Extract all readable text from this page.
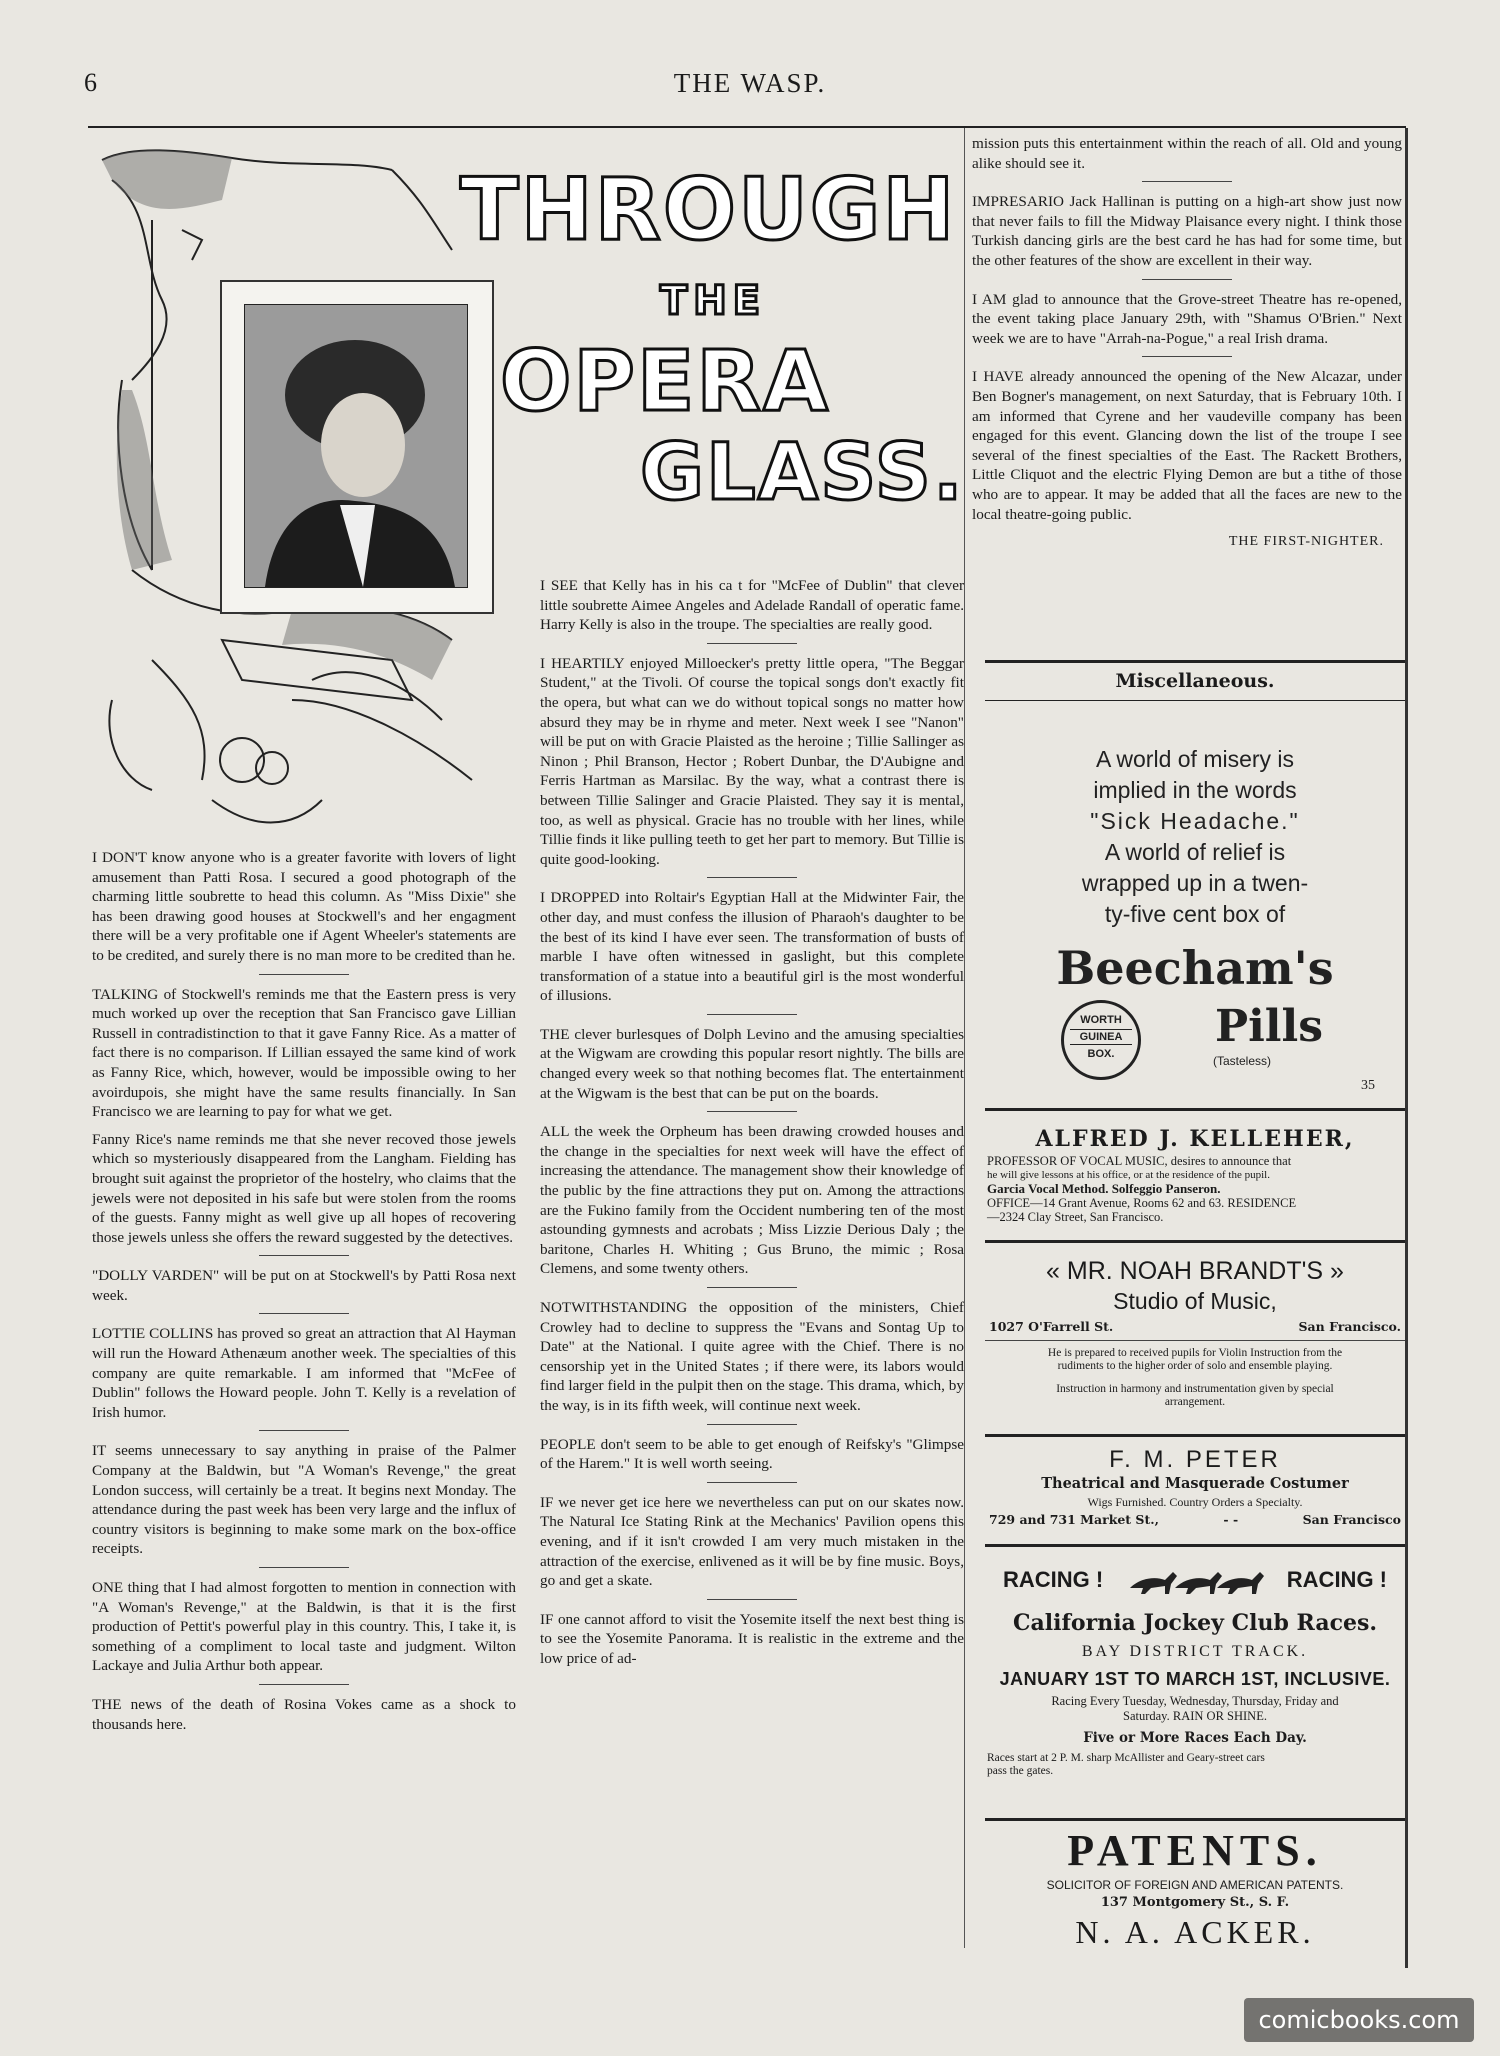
6	THE WASP.
THROUGH
THE
OPERA
GLASS.

I DON'T know anyone who is a greater favorite with lovers of light amusement than Patti Rosa. I secured a good photograph of the charming little soubrette to head this column. As "Miss Dixie" she has been drawing good houses at Stockwell's and her engagment there will be a very profitable one if Agent Wheeler's statements are to be credited, and surely there is no man more to be credited than he.

TALKING of Stockwell's reminds me that the Eastern press is very much worked up over the reception that San Francisco gave Lillian Russell in contradistinction to that it gave Fanny Rice. As a matter of fact there is no comparison. If Lillian essayed the same kind of work as Fanny Rice, which, however, would be impossible owing to her avoirdupois, she might have the same results financially. In San Francisco we are learning to pay for what we get.

Fanny Rice's name reminds me that she never recoved those jewels which so mysteriously disappeared from the Langham. Fielding has brought suit against the proprietor of the hostelry, who claims that the jewels were not deposited in his safe but were stolen from the rooms of the guests. Fanny might as well give up all hopes of recovering those jewels unless she offers the reward suggested by the detectives.

"DOLLY VARDEN" will be put on at Stockwell's by Patti Rosa next week.

LOTTIE COLLINS has proved so great an attraction that Al Hayman will run the Howard Athenæum another week. The specialties of this company are quite remarkable. I am informed that "McFee of Dublin" follows the Howard people. John T. Kelly is a revelation of Irish humor.

IT seems unnecessary to say anything in praise of the Palmer Company at the Baldwin, but "A Woman's Revenge," the great London success, will certainly be a treat. It begins next Monday. The attendance during the past week has been very large and the influx of country visitors is beginning to make some mark on the box-office receipts.

ONE thing that I had almost forgotten to mention in connection with "A Woman's Revenge," at the Baldwin, is that it is the first production of Pettit's powerful play in this country. This, I take it, is something of a compliment to local taste and judgment. Wilton Lackaye and Julia Arthur both appear.

THE news of the death of Rosina Vokes came as a shock to thousands here.

I SEE that Kelly has in his ca t for "McFee of Dublin" that clever little soubrette Aimee Angeles and Adelade Randall of operatic fame. Harry Kelly is also in the troupe. The specialties are really good.

I HEARTILY enjoyed Milloecker's pretty little opera, "The Beggar Student," at the Tivoli. Of course the topical songs don't exactly fit the opera, but what can we do without topical songs no matter how absurd they may be in rhyme and meter. Next week I see "Nanon" will be put on with Gracie Plaisted as the heroine ; Tillie Sallinger as Ninon ; Phil Branson, Hector ; Robert Dunbar, the D'Aubigne and Ferris Hartman as Marsilac. By the way, what a contrast there is between Tillie Salinger and Gracie Plaisted. They say it is mental, too, as well as physical. Gracie has no trouble with her lines, while Tillie finds it like pulling teeth to get her part to memory. But Tillie is quite good-looking.

I DROPPED into Roltair's Egyptian Hall at the Midwinter Fair, the other day, and must confess the illusion of Pharaoh's daughter to be the best of its kind I have ever seen. The transformation of busts of marble I have often witnessed in gaslight, but this complete transformation of a statue into a beautiful girl is the most wonderful of illusions.

THE clever burlesques of Dolph Levino and the amusing specialties at the Wigwam are crowding this popular resort nightly. The bills are changed every week so that nothing becomes flat. The entertainment at the Wigwam is the best that can be put on the boards.

ALL the week the Orpheum has been drawing crowded houses and the change in the specialties for next week will have the effect of increasing the attendance. The management show their knowledge of the public by the fine attractions they put on. Among the attractions are the Fukino family from the Occident numbering ten of the most astounding gymnests and acrobats ; Miss Lizzie Derious Daly ; the baritone, Charles H. Whiting ; Gus Bruno, the mimic ; Rosa Clemens, and some twenty others.

NOTWITHSTANDING the opposition of the ministers, Chief Crowley had to decline to suppress the "Evans and Sontag Up to Date" at the National. I quite agree with the Chief. There is no censorship yet in the United States ; if there were, its labors would find larger field in the pulpit then on the stage. This drama, which, by the way, is in its fifth week, will continue next week.

PEOPLE don't seem to be able to get enough of Reifsky's "Glimpse of the Harem." It is well worth seeing.

IF we never get ice here we nevertheless can put on our skates now. The Natural Ice Stating Rink at the Mechanics' Pavilion opens this evening, and if it isn't crowded I am very much mistaken in the attraction of the exercise, enlivened as it will be by fine music. Boys, go and get a skate.

IF one cannot afford to visit the Yosemite itself the next best thing is to see the Yosemite Panorama. It is realistic in the extreme and the low price of ad-

mission puts this entertainment within the reach of all. Old and young alike should see it.

IMPRESARIO Jack Hallinan is putting on a high-art show just now that never fails to fill the Midway Plaisance every night. I think those Turkish dancing girls are the best card he has had for some time, but the other features of the show are excellent in their way.

I AM glad to announce that the Grove-street Theatre has re-opened, the event taking place January 29th, with "Shamus O'Brien." Next week we are to have "Arrah-na-Pogue," a real Irish drama.

I HAVE already announced the opening of the New Alcazar, under Ben Bogner's management, on next Saturday, that is February 10th. I am informed that Cyrene and her vaudeville company has been engaged for this event. Glancing down the list of the troupe I see several of the finest specialties of the East. The Rackett Brothers, Little Cliquot and the electric Flying Demon are but a tithe of those who are to appear. It may be added that all the faces are new to the local theatre-going public.

THE FIRST-NIGHTER.
Miscellaneous.
A world of misery is
implied in the words
"Sick Headache."
A world of relief is
wrapped up in a twen-
ty-five cent box of
Beecham's
WORTH
GUINEA
BOX.
Pills
(Tasteless)
35
ALFRED J. KELLEHER,
PROFESSOR OF VOCAL MUSIC, desires to announce that
he will give lessons at his office, or at the residence of the pupil.
Garcia Vocal Method. Solfeggio Panseron.
OFFICE—14 Grant Avenue, Rooms 62 and 63. RESIDENCE
—2324 Clay Street, San Francisco.
« MR. NOAH BRANDT'S »
Studio of Music,
1027 O'Farrell St.	San Francisco.
He is prepared to received pupils for Violin Instruction from the
rudiments to the higher order of solo and ensemble playing.
Instruction in harmony and instrumentation given by special
arrangement.
F. M. PETER
Theatrical and Masquerade Costumer
Wigs Furnished. Country Orders a Specialty.
729 and 731 Market St.,	- -	San Francisco
RACING !	RACING !
California Jockey Club Races.
BAY DISTRICT TRACK.
JANUARY 1ST TO MARCH 1ST, INCLUSIVE.
Racing Every Tuesday, Wednesday, Thursday, Friday and
Saturday. RAIN OR SHINE.
Five or More Races Each Day.
Races start at 2 P. M. sharp McAllister and Geary-street cars
pass the gates.
PATENTS.
SOLICITOR OF FOREIGN AND AMERICAN PATENTS.
137 Montgomery St., S. F.
N. A. ACKER.
comicbooks.com
